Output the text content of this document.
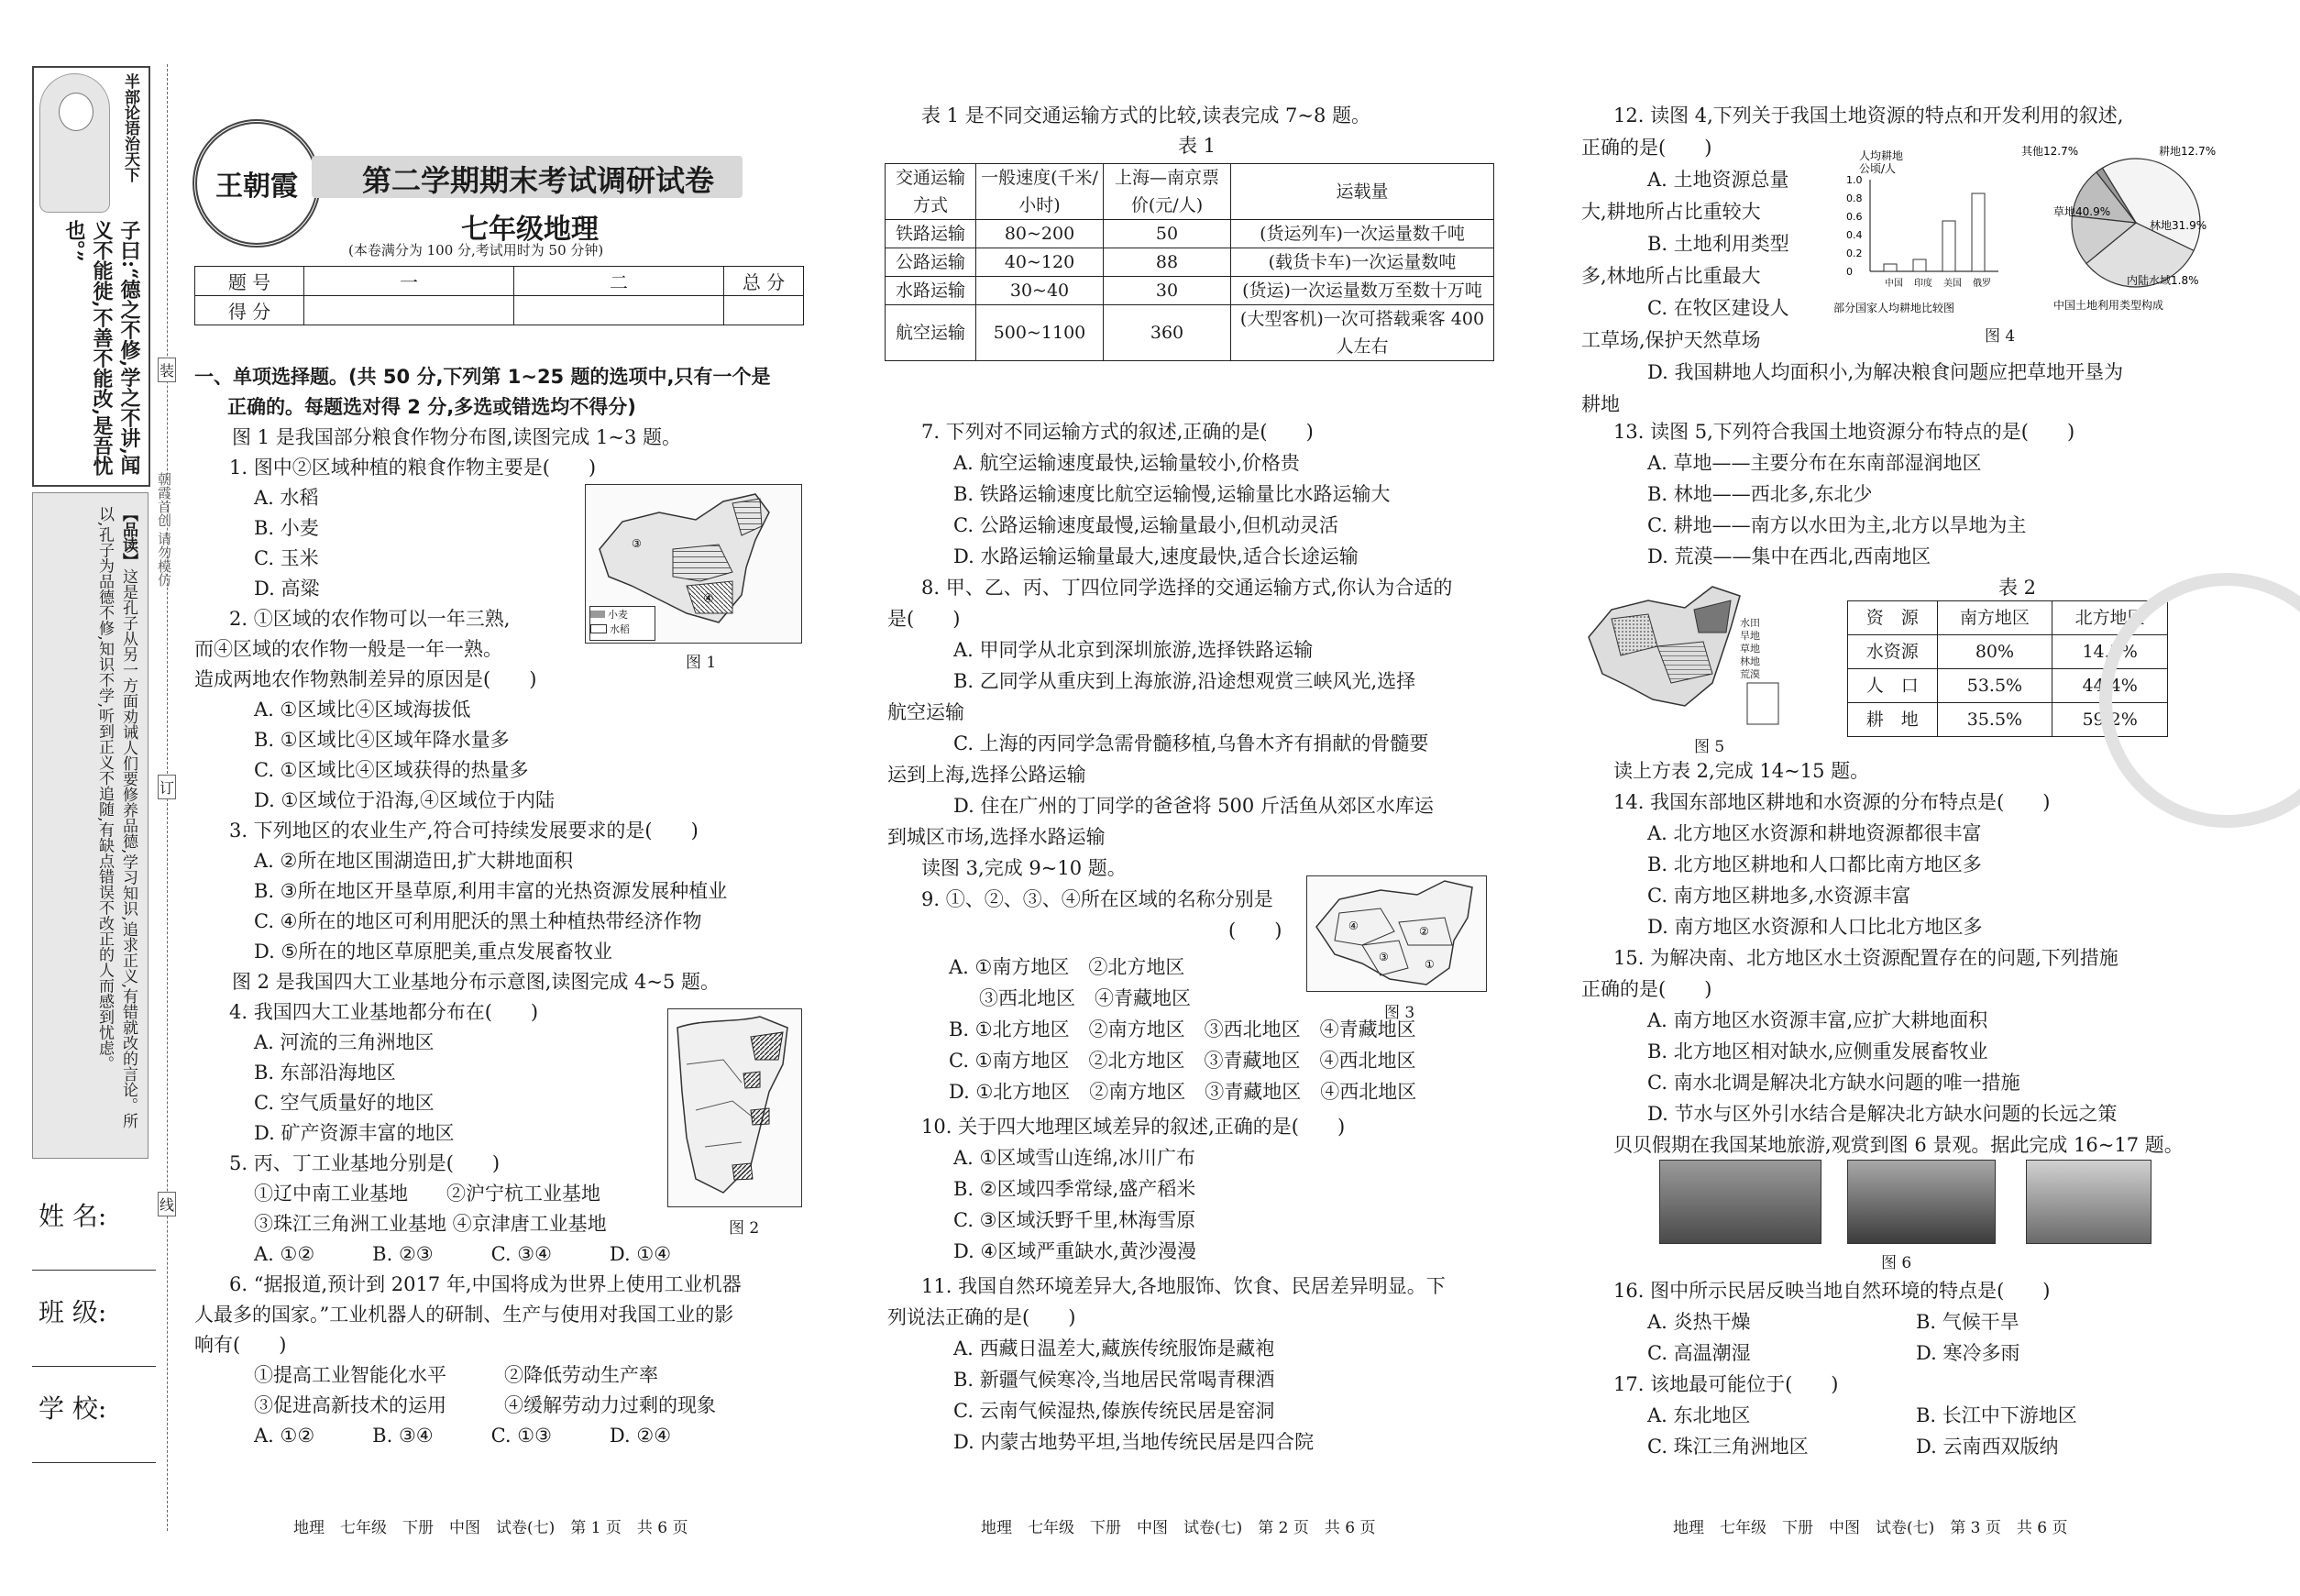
半部论语治天下
子曰:“德之不修,学之不讲,闻义不能徙,不善不能改,是吾忧也。”
【品读】这是孔子从另一方面劝诫人们要修养品德,学习知识,追求正义,有错就改的言论。所以,孔子为品德不修,知识不学,听到正义不追随,有缺点错误不改正的人而感到忧虑。	朝霞首创 请勿模仿
装
订
线
姓 名:
班 级:
学 校:
王朝霞 第二学期期末考试调研试卷
七年级地理
(本卷满分为 100 分,考试用时为 50 分钟)
题 号	一	二	总 分
得 分			
一、单项选择题。(共 50 分,下列第 1~25 题的选项中,只有一个是
正确的。每题选对得 2 分,多选或错选均不得分)
图 1 是我国部分粮食作物分布图,读图完成 1~3 题。
1. 图中②区域种植的粮食作物主要是(　　)
A. 水稻
B. 小麦
C. 玉米
D. 高粱	④
③
小麦
水稻
图 1
2. ①区域的农作物可以一年三熟,
而④区域的农作物一般是一年一熟。
造成两地农作物熟制差异的原因是(　　)
A. ①区域比④区域海拔低
B. ①区域比④区域年降水量多
C. ①区域比④区域获得的热量多
D. ①区域位于沿海,④区域位于内陆
3. 下列地区的农业生产,符合可持续发展要求的是(　　)
A. ②所在地区围湖造田,扩大耕地面积
B. ③所在地区开垦草原,利用丰富的光热资源发展种植业
C. ④所在的地区可利用肥沃的黑土种植热带经济作物
D. ⑤所在的地区草原肥美,重点发展畜牧业
图 2 是我国四大工业基地分布示意图,读图完成 4~5 题。
4. 我国四大工业基地都分布在(　　)
A. 河流的三角洲地区
B. 东部沿海地区
C. 空气质量好的地区
D. 矿产资源丰富的地区
图 2
5. 丙、丁工业基地分别是(　　)
①辽中南工业基地　　②沪宁杭工业基地
③珠江三角洲工业基地 ④京津唐工业基地
A. ①②　　　B. ②③　　　C. ③④　　　D. ①④
6. “据报道,预计到 2017 年,中国将成为世界上使用工业机器
人最多的国家。”工业机器人的研制、生产与使用对我国工业的影
响有(　　)
①提高工业智能化水平　　　②降低劳动生产率
③促进高新技术的运用　　　④缓解劳动力过剩的现象
A. ①②　　　B. ③④　　　C. ①③　　　D. ②④
地理　七年级　下册　中图　试卷(七)　第 1 页　共 6 页
表 1 是不同交通运输方式的比较,读表完成 7~8 题。
表 1
交通运输方式	一般速度(千米/小时)	上海—南京票价(元/人)	运载量
铁路运输	80~200	50	(货运列车)一次运量数千吨
公路运输	40~120	88	(载货卡车)一次运量数吨
水路运输	30~40	30	(货运)一次运量数万至数十万吨
航空运输	500~1100	360	(大型客机)一次可搭载乘客 400 人左右
7. 下列对不同运输方式的叙述,正确的是(　　)
A. 航空运输速度最快,运输量较小,价格贵
B. 铁路运输速度比航空运输慢,运输量比水路运输大
C. 公路运输速度最慢,运输量最小,但机动灵活
D. 水路运输运输量最大,速度最快,适合长途运输
8. 甲、乙、丙、丁四位同学选择的交通运输方式,你认为合适的
是(　　)
A. 甲同学从北京到深圳旅游,选择铁路运输
B. 乙同学从重庆到上海旅游,沿途想观赏三峡风光,选择
航空运输
C. 上海的丙同学急需骨髓移植,乌鲁木齐有捐献的骨髓要
运到上海,选择公路运输
D. 住在广州的丁同学的爸爸将 500 斤活鱼从郊区水库运
到城区市场,选择水路运输
读图 3,完成 9~10 题。
9. ①、②、③、④所在区域的名称分别是
(　　)
A. ①南方地区　②北方地区
③西北地区　④青藏地区
B. ①北方地区　②南方地区　③西北地区　④青藏地区
C. ①南方地区　②北方地区　③青藏地区　④西北地区
D. ①北方地区　②南方地区　③青藏地区　④西北地区
④
③
②
①
图 3
10. 关于四大地理区域差异的叙述,正确的是(　　)
A. ①区域雪山连绵,冰川广布
B. ②区域四季常绿,盛产稻米
C. ③区域沃野千里,林海雪原
D. ④区域严重缺水,黄沙漫漫
11. 我国自然环境差异大,各地服饰、饮食、民居差异明显。下
列说法正确的是(　　)
A. 西藏日温差大,藏族传统服饰是藏袍
B. 新疆气候寒冷,当地居民常喝青稞酒
C. 云南气候湿热,傣族传统民居是窑洞
D. 内蒙古地势平坦,当地传统民居是四合院
地理　七年级　下册　中图　试卷(七)　第 2 页　共 6 页
12. 读图 4,下列关于我国土地资源的特点和开发利用的叙述,
正确的是(　　)
A. 土地资源总量
大,耕地所占比重较大
B. 土地利用类型
多,林地所占比重最大
C. 在牧区建设人
工草场,保护天然草场
D. 我国耕地人均面积小,为解决粮食问题应把草地开垦为
耕地
人均耕地
公顷/人
1.0
0.8
0.6
0.4
0.2
0
中国 印度 美国 俄罗
部分国家人均耕地比较图
其他12.7%	耕地12.7%
草地40.9%
林地31.9%
内陆水域1.8%
中国土地利用类型构成
图 4
13. 读图 5,下列符合我国土地资源分布特点的是(　　)
A. 草地——主要分布在东南部湿润地区
B. 林地——西北多,东北少
C. 耕地——南方以水田为主,北方以旱地为主
D. 荒漠——集中在西北,西南地区
水田
旱地
草地
林地
荒漠
图 5
表 2
资　源	南方地区	北方地区
水资源	80%	14.7%
人　口	53.5%	44.4%
耕　地	35.5%	59.2%
读上方表 2,完成 14~15 题。
14. 我国东部地区耕地和水资源的分布特点是(　　)
A. 北方地区水资源和耕地资源都很丰富
B. 北方地区耕地和人口都比南方地区多
C. 南方地区耕地多,水资源丰富
D. 南方地区水资源和人口比北方地区多
15. 为解决南、北方地区水土资源配置存在的问题,下列措施
正确的是(　　)
A. 南方地区水资源丰富,应扩大耕地面积
B. 北方地区相对缺水,应侧重发展畜牧业
C. 南水北调是解决北方缺水问题的唯一措施
D. 节水与区外引水结合是解决北方缺水问题的长远之策
贝贝假期在我国某地旅游,观赏到图 6 景观。据此完成 16~17 题。
图 6
16. 图中所示民居反映当地自然环境的特点是(　　)
A. 炎热干燥	B. 气候干旱
C. 高温潮湿	D. 寒冷多雨
17. 该地最可能位于(　　)
A. 东北地区	B. 长江中下游地区
C. 珠江三角洲地区	D. 云南西双版纳
地理　七年级　下册　中图　试卷(七)　第 3 页　共 6 页
